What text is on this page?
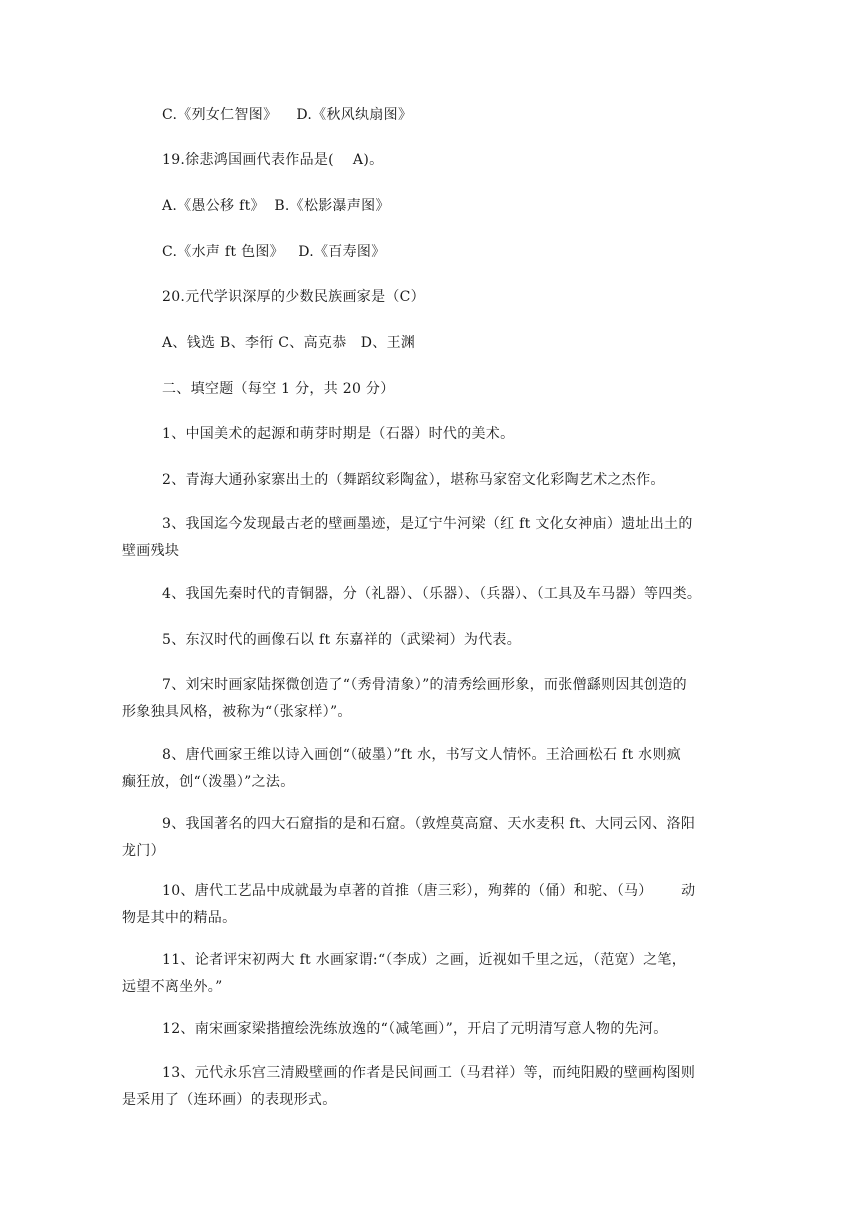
C.《列女仁智图》    D.《秋风纨扇图》
19.徐悲鸿国画代表作品是(    A)。
A.《愚公移 ft》  B.《松影瀑声图》
C.《水声 ft 色图》   D.《百寿图》
20.元代学识深厚的少数民族画家是（C）
A、钱选 B、李衎 C、高克恭   D、王渊
二、填空题（每空 1 分，共 20 分）
1、中国美术的起源和萌芽时期是（石器）时代的美术。
2、青海大通孙家寨出土的（舞蹈纹彩陶盆），堪称马家窑文化彩陶艺术之杰作。
3、我国迄今发现最古老的壁画墨迹，是辽宁牛河梁（红 ft 文化女神庙）遗址出土的
壁画残块
4、我国先秦时代的青铜器，分（礼器）、（乐器）、（兵器）、（工具及车马器）等四类。
5、东汉时代的画像石以 ft 东嘉祥的（武梁祠）为代表。
7、刘宋时画家陆探微创造了“（秀骨清象）”的清秀绘画形象，而张僧繇则因其创造的
形象独具风格，被称为“（张家样）”。
8、唐代画家王维以诗入画创“（破墨）”ft 水，书写文人情怀。王洽画松石 ft 水则疯
癫狂放，创“（泼墨）”之法。
9、我国著名的四大石窟指的是和石窟。（敦煌莫高窟、天水麦积 ft、大同云冈、洛阳
龙门）
10、唐代工艺品中成就最为卓著的首推（唐三彩），殉葬的（俑）和驼、（马）      动
物是其中的精品。
11、论者评宋初两大 ft 水画家谓:“（李成）之画，近视如千里之远，（范宽）之笔，
远望不离坐外。”
12、南宋画家梁揩擅绘洗练放逸的“（减笔画）”，开启了元明清写意人物的先河。
13、元代永乐宫三清殿壁画的作者是民间画工（马君祥）等，而纯阳殿的壁画构图则
是采用了（连环画）的表现形式。
